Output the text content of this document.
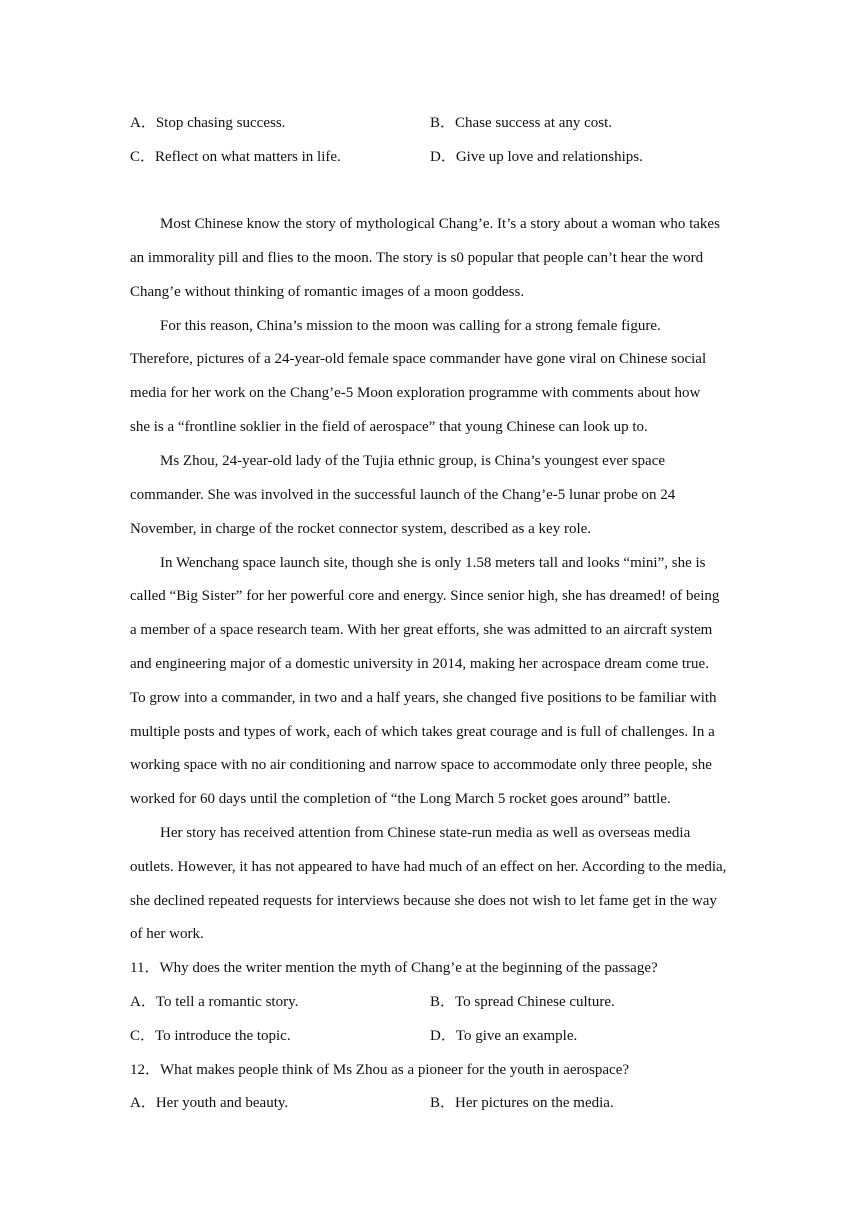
A．Stop chasing success.	B．Chase success at any cost.
C．Reflect on what matters in life.	D．Give up love and relationships.
Most Chinese know the story of mythological Chang’e. It’s a story about a woman who takes
an immorality pill and flies to the moon. The story is s0 popular that people can’t hear the word
Chang’e without thinking of romantic images of a moon goddess.
For this reason, China’s mission to the moon was calling for a strong female figure.
Therefore, pictures of a 24-year-old female space commander have gone viral on Chinese social
media for her work on the Chang’e-5 Moon exploration programme with comments about how
she is a “frontline soklier in the field of aerospace” that young Chinese can look up to.
Ms Zhou, 24-year-old lady of the Tujia ethnic group, is China’s youngest ever space
commander. She was involved in the successful launch of the Chang’e-5 lunar probe on 24
November, in charge of the rocket connector system, described as a key role.
In Wenchang space launch site, though she is only 1.58 meters tall and looks “mini”, she is
called “Big Sister” for her powerful core and energy. Since senior high, she has dreamed! of being
a member of a space research team. With her great efforts, she was admitted to an aircraft system
and engineering major of a domestic university in 2014, making her acrospace dream come true.
To grow into a commander, in two and a half years, she changed five positions to be familiar with
multiple posts and types of work, each of which takes great courage and is full of challenges. In a
working space with no air conditioning and narrow space to accommodate only three people, she
worked for 60 days until the completion of “the Long March 5 rocket goes around” battle.
Her story has received attention from Chinese state-run media as well as overseas media
outlets. However, it has not appeared to have had much of an effect on her. According to the media,
she declined repeated requests for interviews because she does not wish to let fame get in the way
of her work.
11．Why does the writer mention the myth of Chang’e at the beginning of the passage?
A．To tell a romantic story.	B．To spread Chinese culture.
C．To introduce the topic.	D．To give an example.
12．What makes people think of Ms Zhou as a pioneer for the youth in aerospace?
A．Her youth and beauty.	B．Her pictures on the media.
